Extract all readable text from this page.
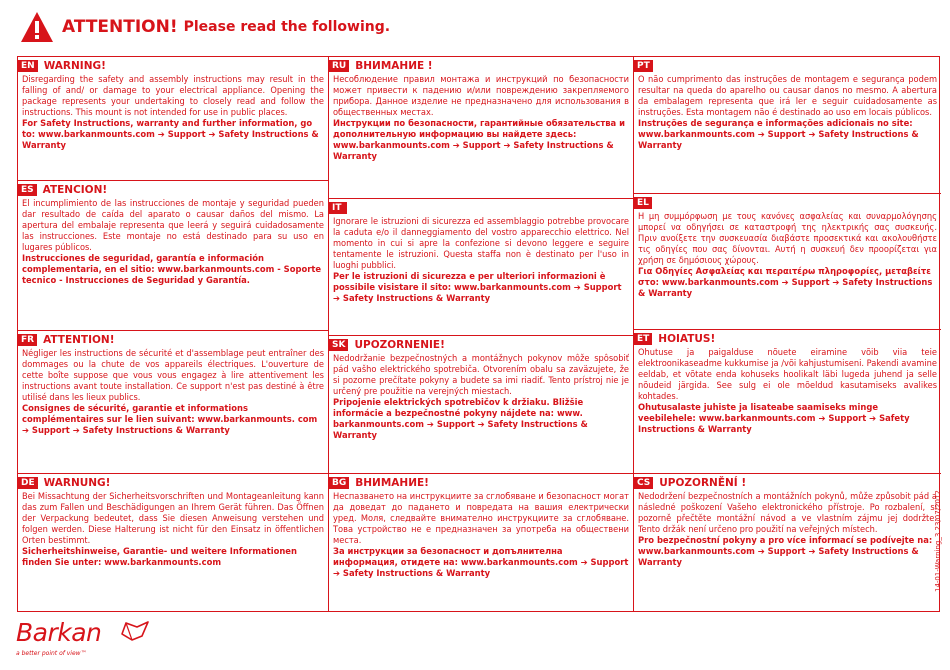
ATTENTION! Please read the following.
EN WARNING!
Disregarding the safety and assembly instructions may result in the falling of and/ or damage to your electrical appliance. Opening the package represents your undertaking to closely read and follow the instructions. This mount is not intended for use in public places.
For Safety Instructions, warranty and further information, go to: www.barkanmounts.com ➔ Support ➔ Safety Instructions & Warranty
ES ATENCION!
El incumplimiento de las instrucciones de montaje y seguridad pueden dar resultado de caída del aparato o causar daños del mismo. La apertura del embalaje representa que leerá y seguirá cuidadosamente las instrucciones. Este montaje no está destinado para su uso en lugares públicos.
Instrucciones de seguridad, garantía e información complementaria, en el sitio: www.barkanmounts.com - Soporte tecnico - Instrucciones de Seguridad y Garantía.
FR ATTENTION!
Négliger les instructions de sécurité et d'assemblage peut entraîner des dommages ou la chute de vos appareils électriques. L'ouverture de cette boîte suppose que vous vous engagez à lire attentivement les instructions avant toute installation. Ce support n'est pas destiné à être utilisé dans les lieux publics.
Consignes de sécurité, garantie et informations complémentaires sur le lien suivant: www.barkanmounts. com ➔ Support ➔ Safety Instructions & Warranty
DE WARNUNG!
Bei Missachtung der Sicherheitsvorschriften und Montageanleitung kann das zum Fallen und Beschädigungen an Ihrem Gerät führen. Das Öffnen der Verpackung bedeutet, dass Sie diesen Anweisung verstehen und folgen werden. Diese Halterung ist nicht für den Einsatz in öffentlichen Orten bestimmt.
Sicherheitshinweise, Garantie- und weitere Informationen finden Sie unter: www.barkanmounts.com
RU ВНИМАНИЕ !
Несоблюдение правил монтажа и инструкций по безопасности может привести к падению и/или повреждению закрепляемого прибора. Данное изделие не предназначено для использования в общественных местах.
Инструкции по безопасности, гарантийные обязательства и дополнительную информацию вы найдете здесь: www.barkanmounts.com ➔ Support ➔ Safety Instructions & Warranty
IT
Ignorare le istruzioni di sicurezza ed assemblaggio potrebbe provocare la caduta e/o il danneggiamento del vostro apparecchio elettrico. Nel momento in cui si apre la confezione si devono leggere e seguire tentamente le istruzioni. Questa staffa non è destinato per l'uso in luoghi pubblici.
Per le istruzioni di sicurezza e per ulteriori informazioni è possibile visistare il sito: www.barkanmounts.com ➔ Support ➔ Safety Instructions & Warranty
SK UPOZORNENIE!
Nedodržanie bezpečnostných a montážnych pokynov môže spôsobiť pád vašho elektrického spotrebiča. Otvorením obalu sa zaväzujete, že si pozorne prečítate pokyny a budete sa imi riadiť. Tento prístroj nie je určený pre použitie na verejných miestach.
Pripojenie elektrických spotrebičov k držiaku. Bližšie informácie a bezpečnostné pokyny nájdete na: www. barkanmounts.com ➔ Support ➔ Safety Instructions & Warranty
BG ВНИМАНИЕ!
Неспазването на инструкциите за сглобяване и безопасност могат да доведат до падането и повредата на вашия електрически уред. Моля, следвайте внимателно инструкциите за сглобяване. Това устройство не е предназначен за употреба на обществени места.
За инструкции за безопасност и допълнителна информация, отидете на: www.barkanmounts.com ➔ Support ➔ Safety Instructions & Warranty
PT
O não cumprimento das instruções de montagem e segurança podem resultar na queda do aparelho ou causar danos no mesmo. A abertura da embalagem representa que irá ler e seguir cuidadosamente as instruções. Esta montagem não é destinado ao uso em locais públicos.
Instruções de segurança e informações adicionais no site: www.barkanmounts.com ➔ Support ➔ Safety Instructions & Warranty
EL
Η μη συμμόρφωση με τους κανόνες ασφαλείας και συναρμολόγησης μπορεί να οδηγήσει σε καταστροφή της ηλεκτρικής σας συσκευής. Πριν ανοίξετε την συσκευασία διαβάστε προσεκτικά και ακολουθήστε τις οδηγίες που σας δίνονται. Αυτή η συσκευή δεν προορίζεται για χρήση σε δημόσιους χώρους.
Για Οδηγίες Ασφαλείας και περαιτέρω πληροφορίες, μεταβείτε στο: www.barkanmounts.com ➔ Support ➔ Safety Instructions & Warranty
ET HOIATUS!
Ohutuse ja paigalduse nõuete eiramine võib viia teie elektroonikaseadme kukkumise ja /või kahjustumiseni. Pakendi avamine eeldab, et võtate enda kohuseks hoolikalt läbi lugeda juhend ja selle nõudeid järgida. See sulg ei ole mõeldud kasutamiseks avalikes kohtades.
Ohutusalaste juhiste ja lisateabe saamiseks minge veebilehele: www.barkanmounts.com ➔ Support ➔ Safety Instructions & Warranty
CS UPOZORNĚNÍ !
Nedodržení bezpečnostních a montážních pokynů, může způsobit pád a následné poškození Vašeho elektronického přístroje. Po rozbalení, si pozorně přečtěte montážní návod a ve vlastním zájmu jej dodržte. Tento držák není určeno pro použití na veřejných místech.
Pro bezpečnostní pokyny a pro více informací se podívejte na: www.barkanmounts.com ➔ Support ➔ Safety Instructions & Warranty	14-01-Warning_3 23/07/2012
Barkan
a better point of view™
